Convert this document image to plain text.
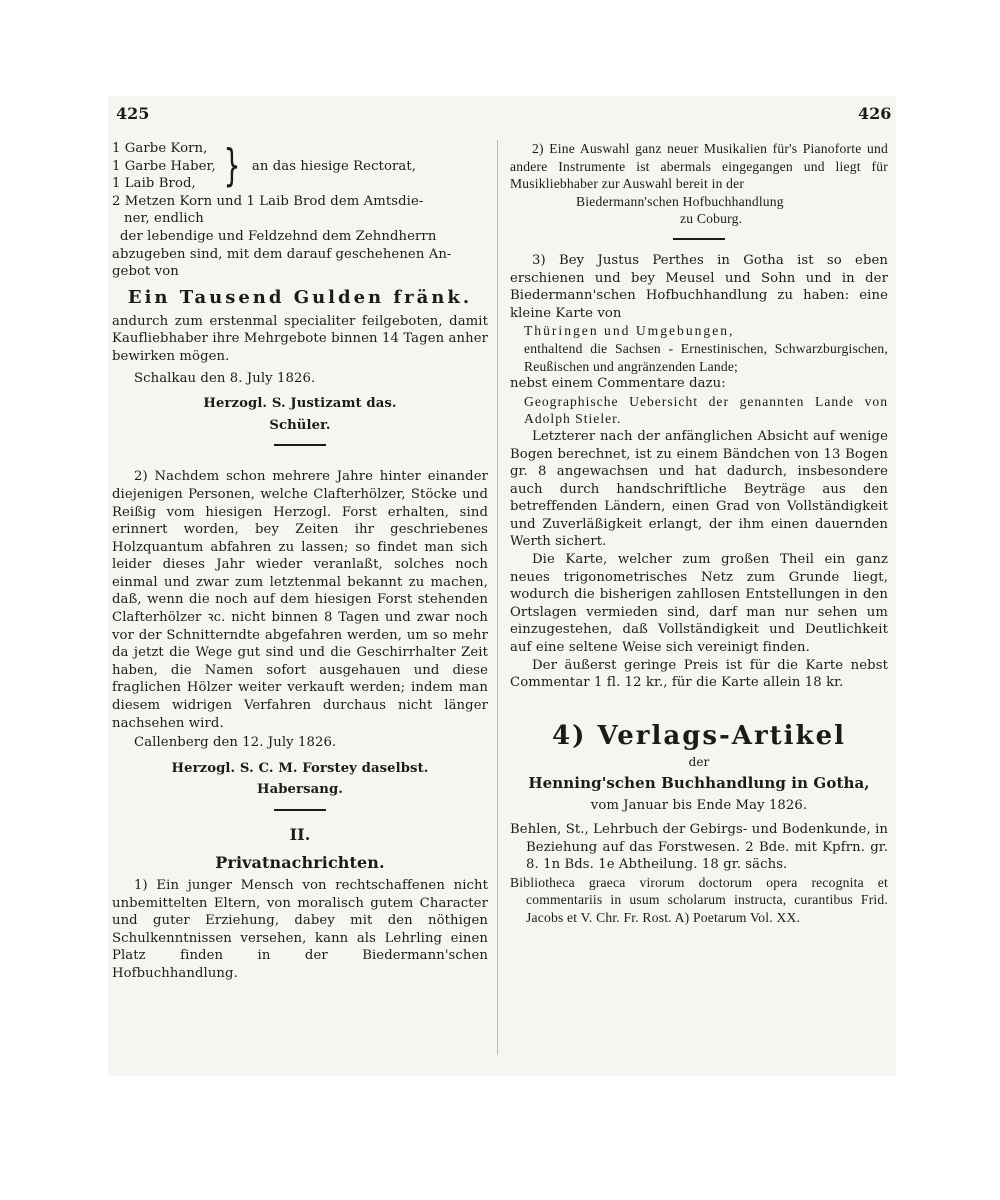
425	426
1 Garbe Korn,
1 Garbe Haber,
1 Laib Brod, } an das hiesige Rectorat,

2 Metzen Korn und 1 Laib Brod dem Amtsdie-

ner, endlich

der lebendige und Feldzehnd dem Zehndherrn

abzugeben sind, mit dem darauf geschehenen An-

gebot von

Ein Tausend Gulden fränk.

andurch zum erstenmal specialiter feilgeboten, damit Kaufliebhaber ihre Mehrgebote binnen 14 Tagen anher bewirken mögen.

Schalkau den 8. July 1826.

Herzogl. S. Justizamt das.

Schüler.

2) Nachdem schon mehrere Jahre hinter einander diejenigen Personen, welche Clafterhölzer, Stöcke und Reißig vom hiesigen Herzogl. Forst erhalten, sind erinnert worden, bey Zeiten ihr geschriebenes Holzquantum abfahren zu lassen; so findet man sich leider dieses Jahr wieder veranlaßt, solches noch einmal und zwar zum letztenmal bekannt zu machen, daß, wenn die noch auf dem hiesigen Forst stehenden Clafterhölzer ꝛc. nicht binnen 8 Tagen und zwar noch vor der Schnitterndte abgefahren werden, um so mehr da jetzt die Wege gut sind und die Geschirrhalter Zeit haben, die Namen sofort ausgehauen und diese fraglichen Hölzer weiter verkauft werden; indem man diesem widrigen Verfahren durchaus nicht länger nachsehen wird.

Callenberg den 12. July 1826.

Herzogl. S. C. M. Forstey daselbst.

Habersang.

II.

Privatnachrichten.

1) Ein junger Mensch von rechtschaffenen nicht unbemittelten Eltern, von moralisch gutem Character und guter Erziehung, dabey mit den nöthigen Schulkenntnissen versehen, kann als Lehrling einen Platz finden in der Biedermann'schen Hofbuchhandlung.

2) Eine Auswahl ganz neuer Musikalien für's Pianoforte und andere Instrumente ist abermals eingegangen und liegt für Musikliebhaber zur Auswahl bereit in der

Biedermann'schen Hofbuchhandlung

zu Coburg.

3) Bey Justus Perthes in Gotha ist so eben erschienen und bey Meusel und Sohn und in der Biedermann'schen Hofbuchhandlung zu haben: eine kleine Karte von

Thüringen und Umgebungen,

enthaltend die Sachsen - Ernestinischen, Schwarzburgischen, Reußischen und angränzenden Lande;

nebst einem Commentare dazu:

Geographische Uebersicht der genannten Lande von Adolph Stieler.

Letzterer nach der anfänglichen Absicht auf wenige Bogen berechnet, ist zu einem Bändchen von 13 Bogen gr. 8 angewachsen und hat dadurch, insbesondere auch durch handschriftliche Beyträge aus den betreffenden Ländern, einen Grad von Vollständigkeit und Zuverläßigkeit erlangt, der ihm einen dauernden Werth sichert.

Die Karte, welcher zum großen Theil ein ganz neues trigonometrisches Netz zum Grunde liegt, wodurch die bisherigen zahllosen Entstellungen in den Ortslagen vermieden sind, darf man nur sehen um einzugestehen, daß Vollständigkeit und Deutlichkeit auf eine seltene Weise sich vereinigt finden.

Der äußerst geringe Preis ist für die Karte nebst Commentar 1 fl. 12 kr., für die Karte allein 18 kr.

4) Verlags-Artikel

der

Henning'schen Buchhandlung in Gotha,

vom Januar bis Ende May 1826.

Behlen, St., Lehrbuch der Gebirgs- und Bodenkunde, in Beziehung auf das Forstwesen. 2 Bde. mit Kpfrn. gr. 8. 1n Bds. 1e Abtheilung. 18 gr. sächs.

Bibliotheca graeca virorum doctorum opera recognita et commentariis in usum scholarum instructa, curantibus Frid. Jacobs et V. Chr. Fr. Rost. A) Poetarum Vol. XX.
